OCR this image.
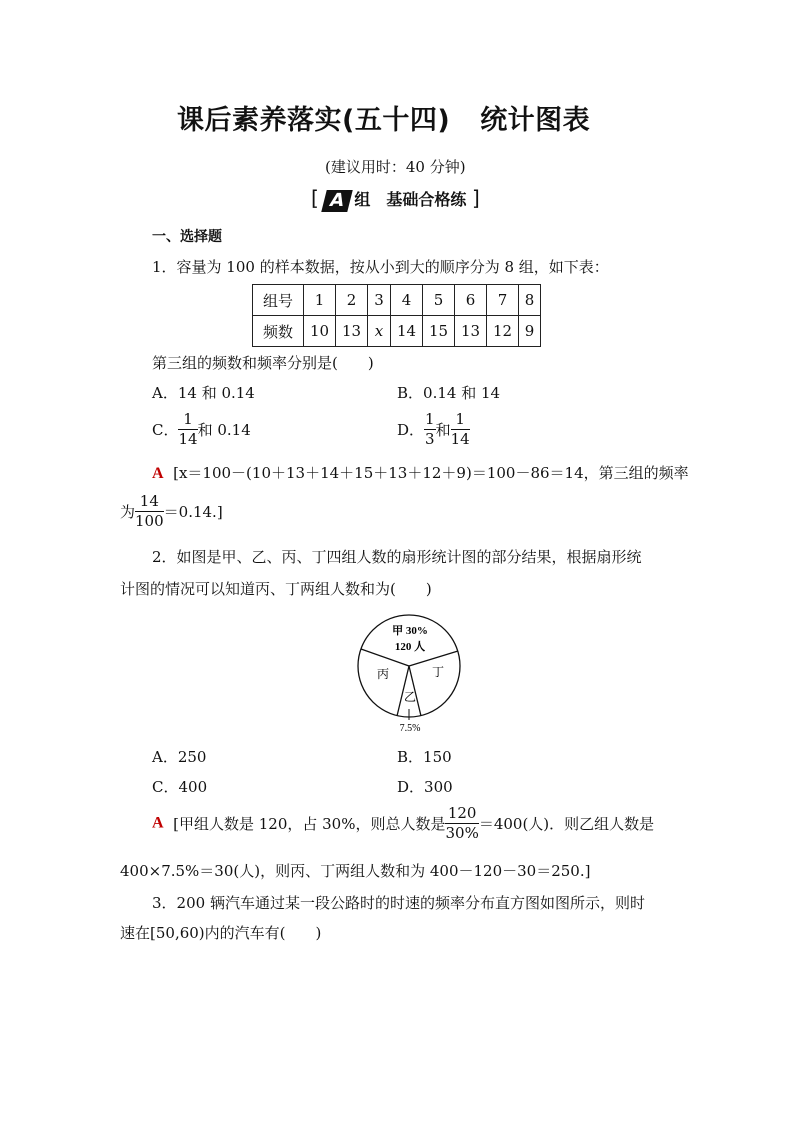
课后素养落实(五十四) 统计图表
(建议用时：40 分钟)
[ A 组　基础合格练 ]
一、选择题
1．容量为 100 的样本数据，按从小到大的顺序分为 8 组，如下表：
组号	1	2	3	4	5	6	7	8
频数	10	13	x	14	15	13	12	9
第三组的频数和频率分别是(　　)
A．14 和 0.14	B．0.14 和 14
C． $\frac{1}{14}$ 和 0.14	D． $\frac{1}{3}$ 和 $\frac{1}{14}$
A [x＝100－(10＋13＋14＋15＋13＋12＋9)＝100－86＝14，第三组的频率
为 $\frac{14}{100} =0.14$.]
2．如图是甲、乙、丙、丁四组人数的扇形统计图的部分结果，根据扇形统
计图的情况可以知道丙、丁两组人数和为(　　)
甲 30%
120 人
丙	丁
乙
7.5%
A．250	B．150
C．400	D．300
A [甲组人数是 120，占 30%，则总人数是 $\frac{120}{30\%} =400$(人)．则乙组人数是
400×7.5%＝30(人)，则丙、丁两组人数和为 400－120－30＝250.]
3．200 辆汽车通过某一段公路时的时速的频率分布直方图如图所示，则时
速在[50,60)内的汽车有(　　)
